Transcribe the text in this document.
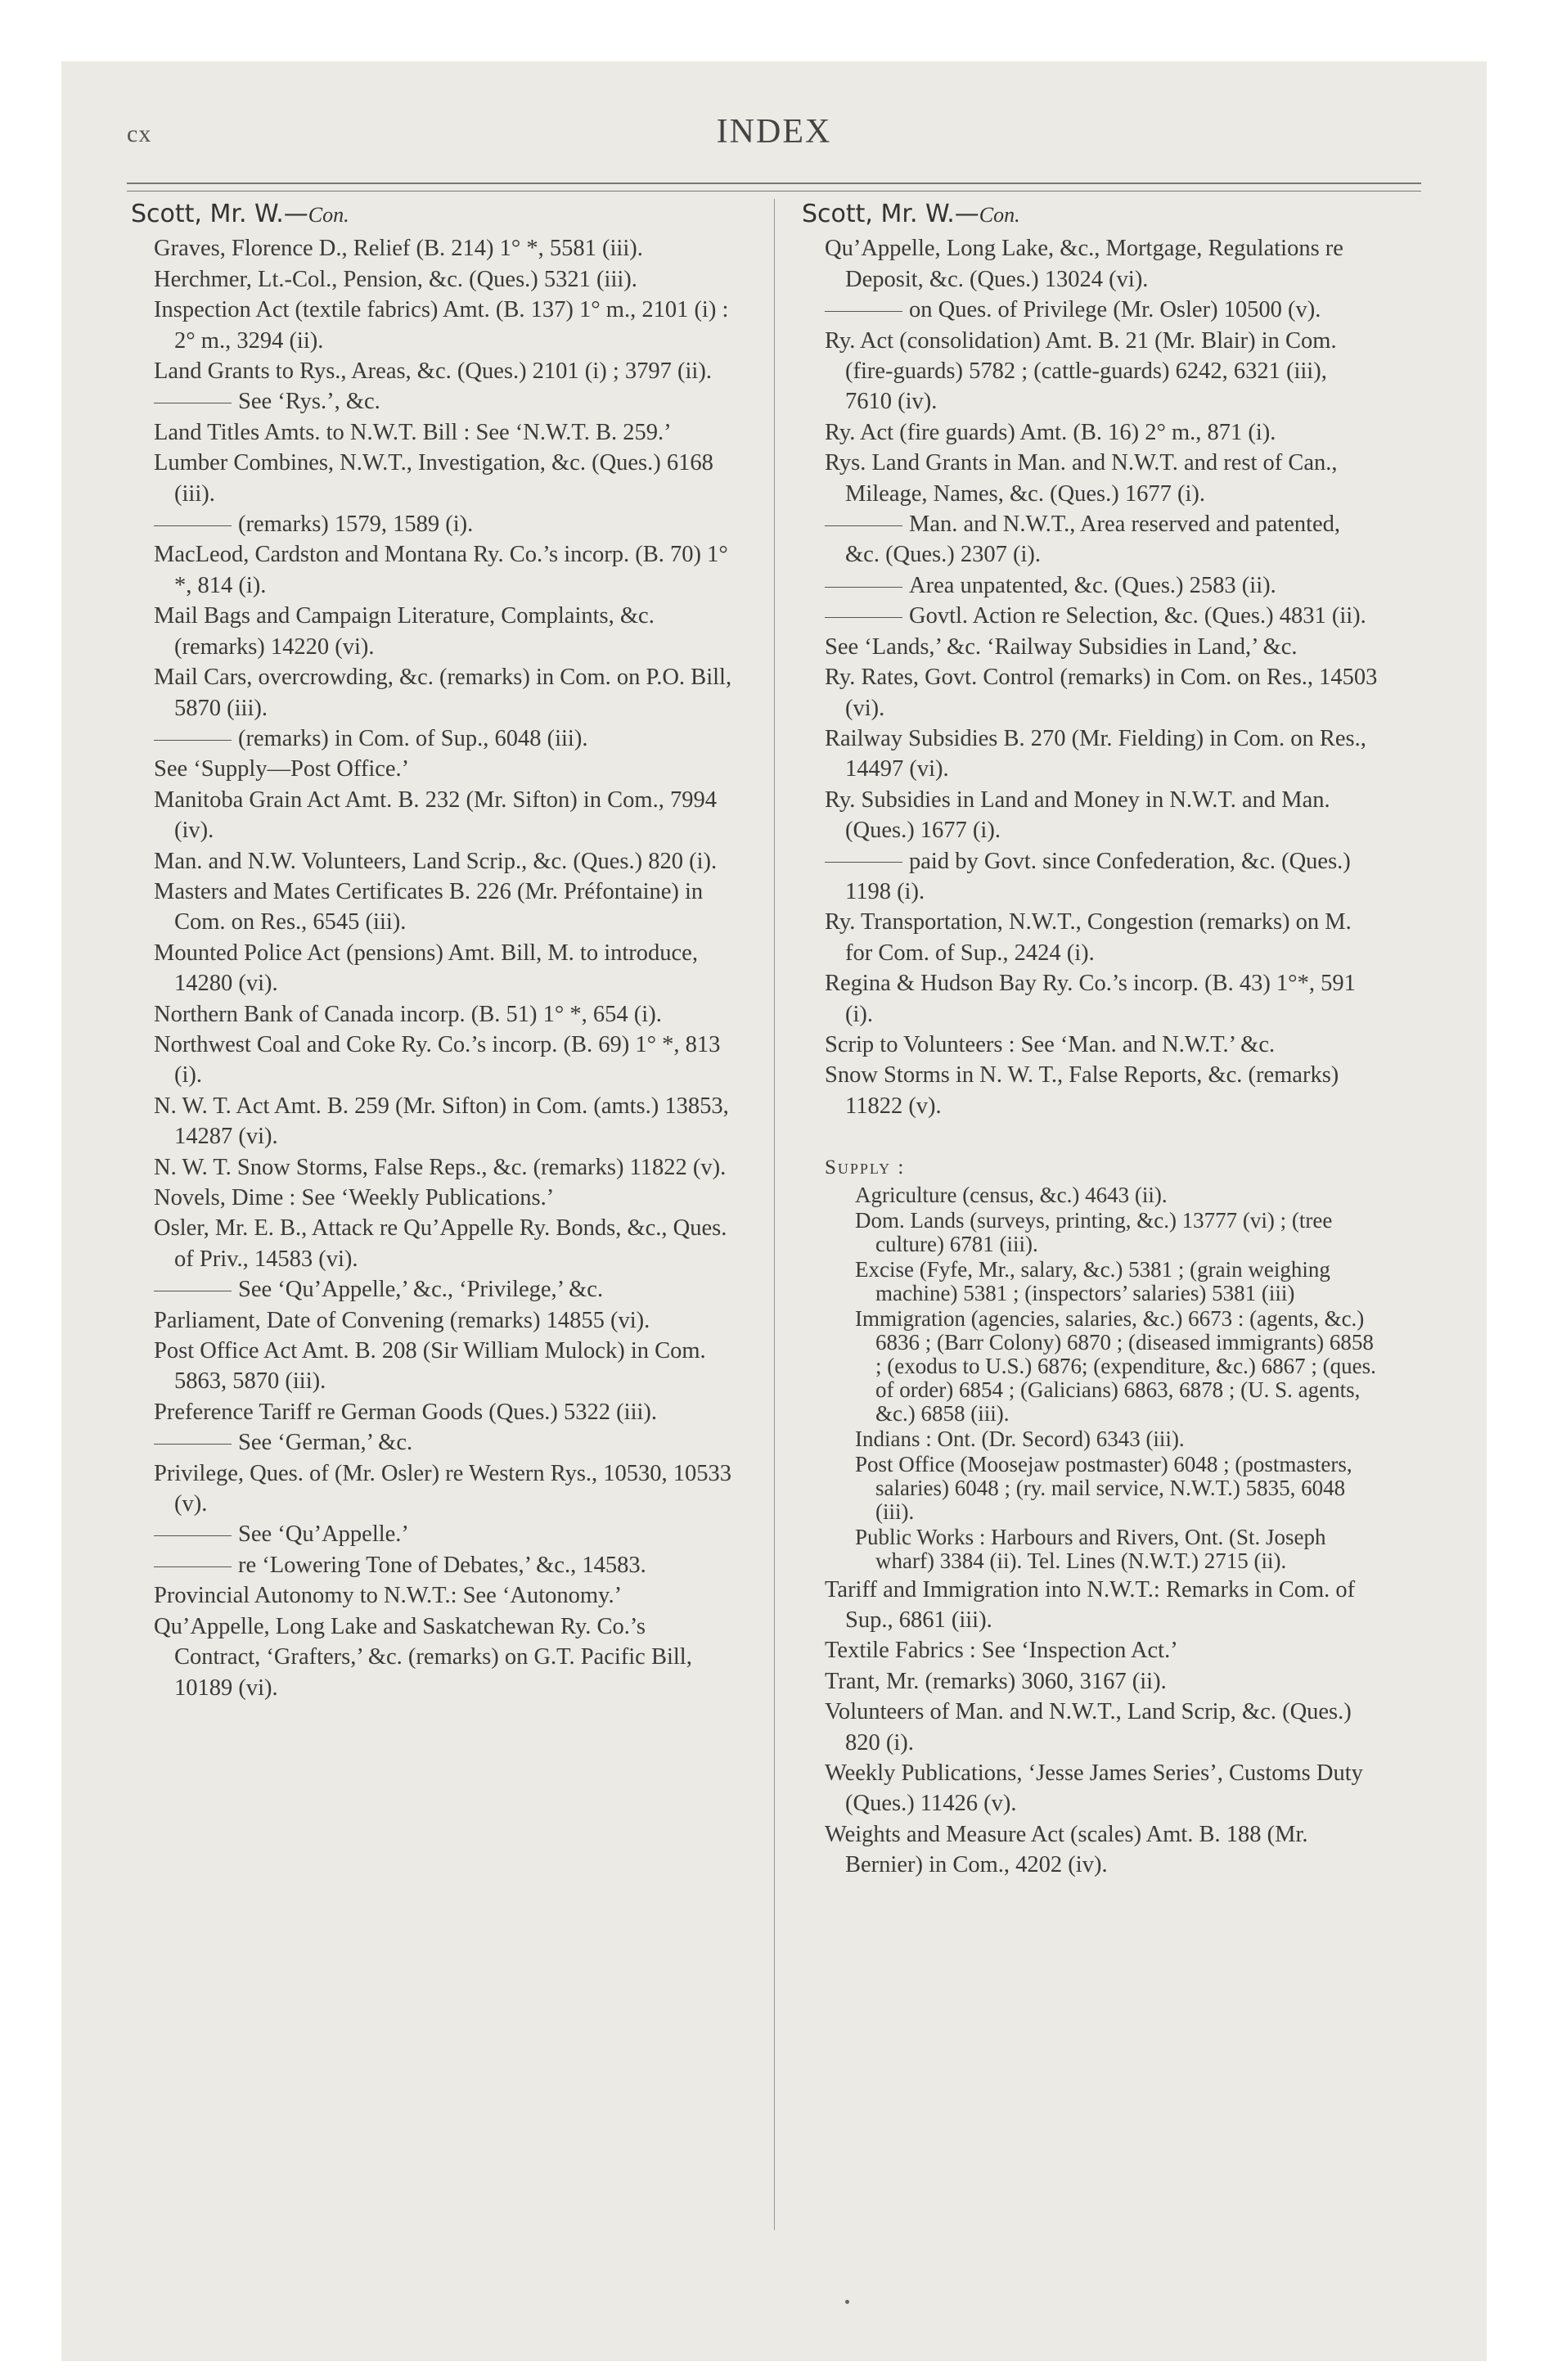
cx	INDEX
Scott, Mr. W.—Con.

Graves, Florence D., Relief (B. 214) 1° *, 5581 (iii).

Herchmer, Lt.-Col., Pension, &c. (Ques.) 5321 (iii).

Inspection Act (textile fabrics) Amt. (B. 137) 1° m., 2101 (i) : 2° m., 3294 (ii).

Land Grants to Rys., Areas, &c. (Ques.) 2101 (i) ; 3797 (ii).

See ‘Rys.’, &c.

Land Titles Amts. to N.W.T. Bill : See ‘N.W.T. B. 259.’

Lumber Combines, N.W.T., Investigation, &c. (Ques.) 6168 (iii).

(remarks) 1579, 1589 (i).

MacLeod, Cardston and Montana Ry. Co.’s incorp. (B. 70) 1° *, 814 (i).

Mail Bags and Campaign Literature, Complaints, &c. (remarks) 14220 (vi).

Mail Cars, overcrowding, &c. (remarks) in Com. on P.O. Bill, 5870 (iii).

(remarks) in Com. of Sup., 6048 (iii).

See ‘Supply—Post Office.’

Manitoba Grain Act Amt. B. 232 (Mr. Sifton) in Com., 7994 (iv).

Man. and N.W. Volunteers, Land Scrip., &c. (Ques.) 820 (i).

Masters and Mates Certificates B. 226 (Mr. Préfontaine) in Com. on Res., 6545 (iii).

Mounted Police Act (pensions) Amt. Bill, M. to introduce, 14280 (vi).

Northern Bank of Canada incorp. (B. 51) 1° *, 654 (i).

Northwest Coal and Coke Ry. Co.’s incorp. (B. 69) 1° *, 813 (i).

N. W. T. Act Amt. B. 259 (Mr. Sifton) in Com. (amts.) 13853, 14287 (vi).

N. W. T. Snow Storms, False Reps., &c. (remarks) 11822 (v).

Novels, Dime : See ‘Weekly Publications.’

Osler, Mr. E. B., Attack re Qu’Appelle Ry. Bonds, &c., Ques. of Priv., 14583 (vi).

See ‘Qu’Appelle,’ &c., ‘Privilege,’ &c.

Parliament, Date of Convening (remarks) 14855 (vi).

Post Office Act Amt. B. 208 (Sir William Mulock) in Com. 5863, 5870 (iii).

Preference Tariff re German Goods (Ques.) 5322 (iii).

See ‘German,’ &c.

Privilege, Ques. of (Mr. Osler) re Western Rys., 10530, 10533 (v).

See ‘Qu’Appelle.’

re ‘Lowering Tone of Debates,’ &c., 14583.

Provincial Autonomy to N.W.T.: See ‘Autonomy.’

Qu’Appelle, Long Lake and Saskatchewan Ry. Co.’s Contract, ‘Grafters,’ &c. (remarks) on G.T. Pacific Bill, 10189 (vi).

Scott, Mr. W.—Con.

Qu’Appelle, Long Lake, &c., Mortgage, Regulations re Deposit, &c. (Ques.) 13024 (vi).

on Ques. of Privilege (Mr. Osler) 10500 (v).

Ry. Act (consolidation) Amt. B. 21 (Mr. Blair) in Com. (fire-guards) 5782 ; (cattle-guards) 6242, 6321 (iii), 7610 (iv).

Ry. Act (fire guards) Amt. (B. 16) 2° m., 871 (i).

Rys. Land Grants in Man. and N.W.T. and rest of Can., Mileage, Names, &c. (Ques.) 1677 (i).

Man. and N.W.T., Area reserved and patented, &c. (Ques.) 2307 (i).

Area unpatented, &c. (Ques.) 2583 (ii).

Govtl. Action re Selection, &c. (Ques.) 4831 (ii).

See ‘Lands,’ &c. ‘Railway Subsidies in Land,’ &c.

Ry. Rates, Govt. Control (remarks) in Com. on Res., 14503 (vi).

Railway Subsidies B. 270 (Mr. Fielding) in Com. on Res., 14497 (vi).

Ry. Subsidies in Land and Money in N.W.T. and Man. (Ques.) 1677 (i).

paid by Govt. since Confederation, &c. (Ques.) 1198 (i).

Ry. Transportation, N.W.T., Congestion (remarks) on M. for Com. of Sup., 2424 (i).

Regina & Hudson Bay Ry. Co.’s incorp. (B. 43) 1°*, 591 (i).

Scrip to Volunteers : See ‘Man. and N.W.T.’ &c.

Snow Storms in N. W. T., False Reports, &c. (remarks) 11822 (v).

Supply :

Agriculture (census, &c.) 4643 (ii).

Dom. Lands (surveys, printing, &c.) 13777 (vi) ; (tree culture) 6781 (iii).

Excise (Fyfe, Mr., salary, &c.) 5381 ; (grain weighing machine) 5381 ; (inspectors’ salaries) 5381 (iii)

Immigration (agencies, salaries, &c.) 6673 : (agents, &c.) 6836 ; (Barr Colony) 6870 ; (diseased immigrants) 6858 ; (exodus to U.S.) 6876; (expenditure, &c.) 6867 ; (ques. of order) 6854 ; (Galicians) 6863, 6878 ; (U. S. agents, &c.) 6858 (iii).

Indians : Ont. (Dr. Secord) 6343 (iii).

Post Office (Moosejaw postmaster) 6048 ; (postmasters, salaries) 6048 ; (ry. mail service, N.W.T.) 5835, 6048 (iii).

Public Works : Harbours and Rivers, Ont. (St. Joseph wharf) 3384 (ii). Tel. Lines (N.W.T.) 2715 (ii).

Tariff and Immigration into N.W.T.: Remarks in Com. of Sup., 6861 (iii).

Textile Fabrics : See ‘Inspection Act.’

Trant, Mr. (remarks) 3060, 3167 (ii).

Volunteers of Man. and N.W.T., Land Scrip, &c. (Ques.) 820 (i).

Weekly Publications, ‘Jesse James Series’, Customs Duty (Ques.) 11426 (v).

Weights and Measure Act (scales) Amt. B. 188 (Mr. Bernier) in Com., 4202 (iv).
